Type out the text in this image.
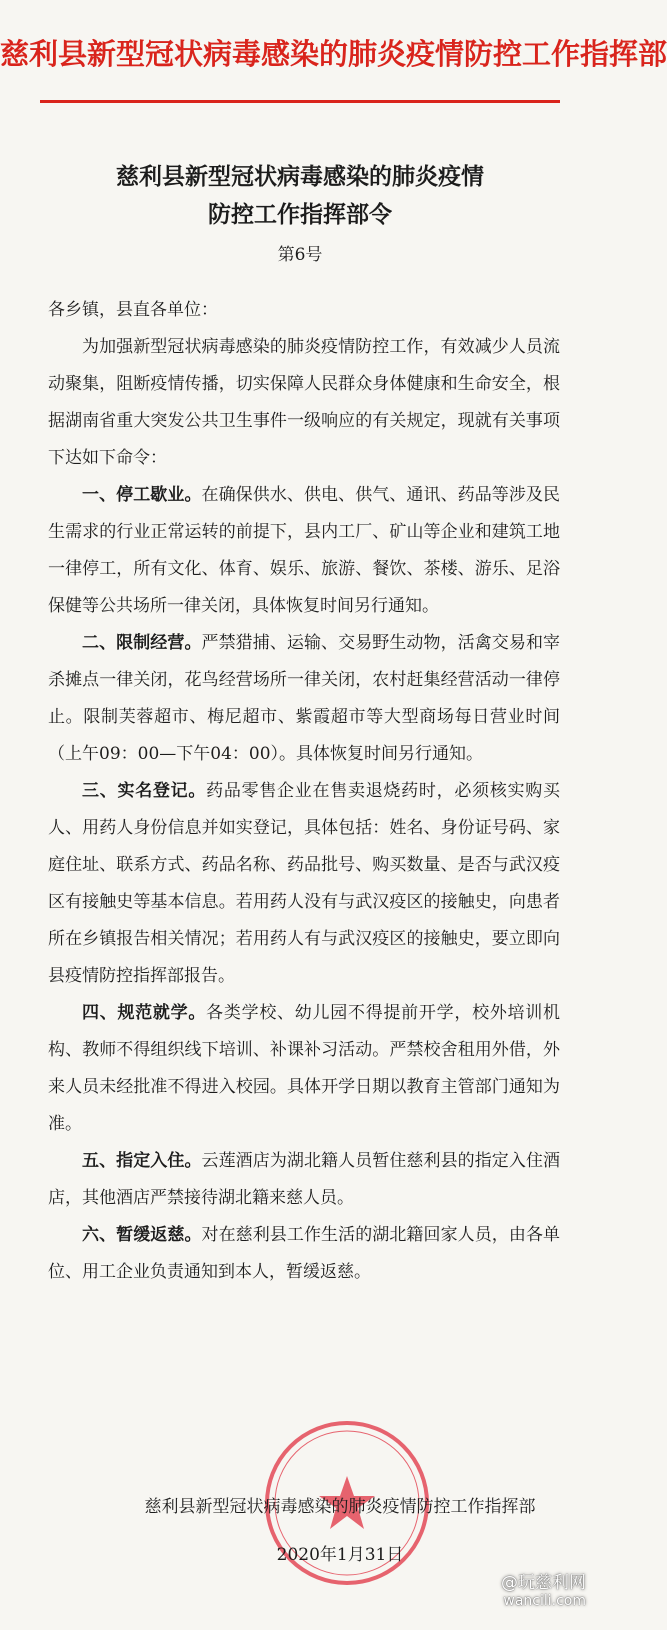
慈利县新型冠状病毒感染的肺炎疫情防控工作指挥部
慈利县新型冠状病毒感染的肺炎疫情
防控工作指挥部令
第6号

各乡镇，县直各单位：

为加强新型冠状病毒感染的肺炎疫情防控工作，有效减少人员流动聚集，阻断疫情传播，切实保障人民群众身体健康和生命安全，根据湖南省重大突发公共卫生事件一级响应的有关规定，现就有关事项下达如下命令：

一、停工歇业。在确保供水、供电、供气、通讯、药品等涉及民生需求的行业正常运转的前提下，县内工厂、矿山等企业和建筑工地一律停工，所有文化、体育、娱乐、旅游、餐饮、茶楼、游乐、足浴保健等公共场所一律关闭，具体恢复时间另行通知。

二、限制经营。严禁猎捕、运输、交易野生动物，活禽交易和宰杀摊点一律关闭，花鸟经营场所一律关闭，农村赶集经营活动一律停止。限制芙蓉超市、梅尼超市、紫霞超市等大型商场每日营业时间（上午09：00—下午04：00）。具体恢复时间另行通知。

三、实名登记。药品零售企业在售卖退烧药时，必须核实购买人、用药人身份信息并如实登记，具体包括：姓名、身份证号码、家庭住址、联系方式、药品名称、药品批号、购买数量、是否与武汉疫区有接触史等基本信息。若用药人没有与武汉疫区的接触史，向患者所在乡镇报告相关情况；若用药人有与武汉疫区的接触史，要立即向县疫情防控指挥部报告。

四、规范就学。各类学校、幼儿园不得提前开学，校外培训机构、教师不得组织线下培训、补课补习活动。严禁校舍租用外借，外来人员未经批准不得进入校园。具体开学日期以教育主管部门通知为准。

五、指定入住。云莲酒店为湖北籍人员暂住慈利县的指定入住酒店，其他酒店严禁接待湖北籍来慈人员。

六、暂缓返慈。对在慈利县工作生活的湖北籍回家人员，由各单位、用工企业负责通知到本人，暂缓返慈。

慈利县新型冠状病毒感染的肺炎疫情防控工作指挥部
2020年1月31日
@玩慈利网
wancili.com
